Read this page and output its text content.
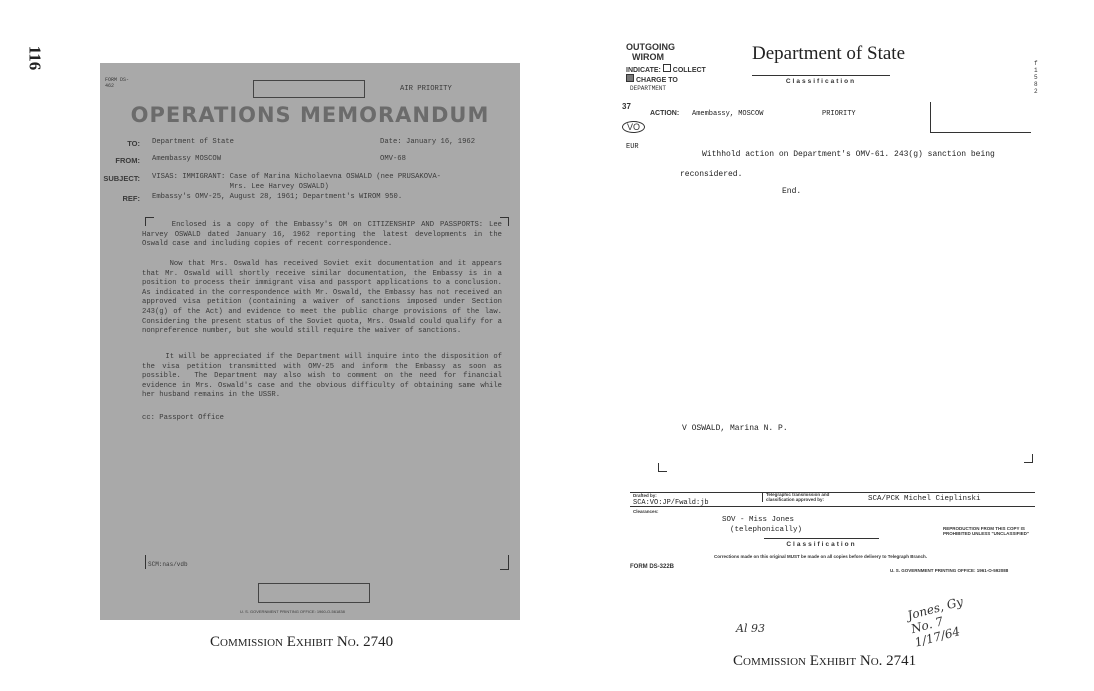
116
FORM DS-462	AIR PRIORITY
OPERATIONS MEMORANDUM
TO: Department of State
FROM: Amembassy MOSCOW
Date: January 16, 1962
OMV-68
SUBJECT: VISAS: IMMIGRANT: Case of Marina Nicholaevna OSWALD (nee PRUSAKOVA-
Mrs. Lee Harvey OSWALD)
REF: Embassy's OMV-25, August 28, 1961; Department's WIROM 950.
Enclosed is a copy of the Embassy's OM on CITIZENSHIP AND PASSPORTS: Lee Harvey OSWALD dated January 16, 1962 reporting the latest developments in the Oswald case and including copies of recent correspondence.
Now that Mrs. Oswald has received Soviet exit documentation and it appears that Mr. Oswald will shortly receive similar documentation, the Embassy is in a position to process their immigrant visa and passport applications to a conclusion.  As indicated in the correspondence with Mr. Oswald, the Embassy has not received an approved visa petition (containing a waiver of sanctions imposed under Section 243(g) of the Act) and evidence to meet the public charge provisions of the law.  Considering the present status of the Soviet quota, Mrs. Oswald could qualify for a nonpreference number, but she would still require the waiver of sanctions.
It will be appreciated if the Department will inquire into the disposition of the visa petition transmitted with OMV-25 and inform the Embassy as soon as possible.  The Department may also wish to comment on the need for financial evidence in Mrs. Oswald's case and the obvious difficulty of obtaining same while her husband remains in the USSR.
cc: Passport Office
SCM:nas/vdb
U. S. GOVERNMENT PRINTING OFFICE: 1960-O-561838
Commission Exhibit No. 2740
OUTGOING
WIROM
INDICATE: COLLECT
CHARGE TO
DEPARTMENT
Department of State
Classification
f 1 5 8 2
37
VO
ACTION: Amembassy, MOSCOW	PRIORITY
EUR
Withhold action on Department's OMV-61. 243(g) sanction being
reconsidered.
End.
V OSWALD, Marina N. P.
Drafted by:
SCA:VO:JP/Fwald:jb
Clearances:
Telegraphic transmission and classification approved by:	SCA/PCK Michel Cieplinski
SOV - Miss Jones
(telephonically)	REPRODUCTION FROM THIS COPY IS PROHIBITED UNLESS "UNCLASSIFIED"
Classification
Corrections made on this original MUST be made on all copies before delivery to Telegraph Branch.
FORM DS-322B
U. S. GOVERNMENT PRINTING OFFICE: 1961-O-592088
Jones, Gy No. 7 1/17/64
Al 93
Commission Exhibit No. 2741
